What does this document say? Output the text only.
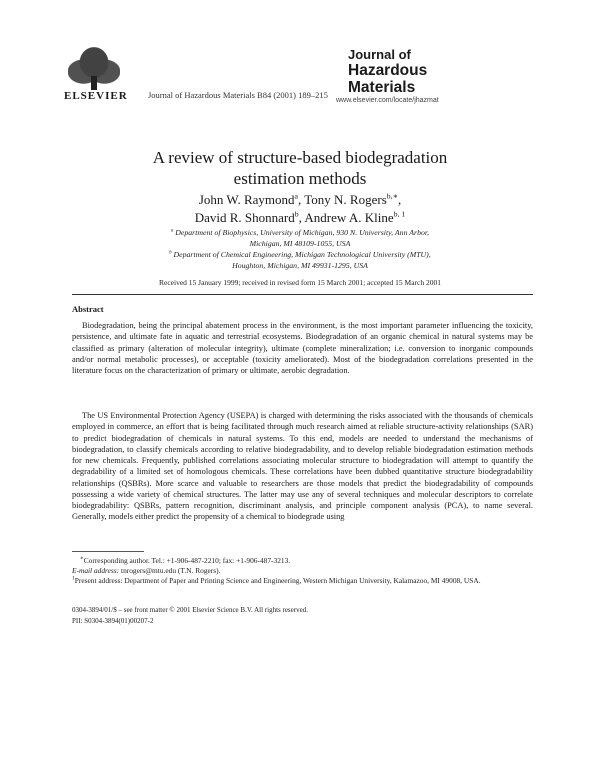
ELSEVIER Journal of Hazardous Materials B84 (2001) 189–215
Journal of
Hazardous
Materials
www.elsevier.com/locate/jhazmat
A review of structure-based biodegradation
estimation methods
John W. Raymond$^a$, Tony N. Rogers$^{b,∗}$,
David R. Shonnard$^b$, Andrew A. Kline$^{b, 1}$
$^a$ Department of Biophysics, University of Michigan, 930 N. University, Ann Arbor,
Michigan, MI 48109-1055, USA
$^b$ Department of Chemical Engineering, Michigan Technological University (MTU),
Houghton, Michigan, MI 49931-1295, USA
Received 15 January 1999; received in revised form 15 March 2001; accepted 15 March 2001
Abstract
Biodegradation, being the principal abatement process in the environment, is the most important parameter influencing the toxicity, persistence, and ultimate fate in aquatic and terrestrial ecosystems. Biodegradation of an organic chemical in natural systems may be classified as primary (alteration of molecular integrity), ultimate (complete mineralization; i.e. conversion to inorganic compounds and/or normal metabolic processes), or acceptable (toxicity ameliorated). Most of the biodegradation correlations presented in the literature focus on the characterization of primary or ultimate, aerobic degradation.
The US Environmental Protection Agency (USEPA) is charged with determining the risks associated with the thousands of chemicals employed in commerce, an effort that is being facilitated through much research aimed at reliable structure-activity relationships (SAR) to predict biodegradation of chemicals in natural systems. To this end, models are needed to understand the mechanisms of biodegradation, to classify chemicals according to relative biodegradability, and to develop reliable biodegradation estimation methods for new chemicals. Frequently, published correlations associating molecular structure to biodegradation will attempt to quantify the degradability of a limited set of homologous chemicals. These correlations have been dubbed quantitative structure biodegradability relationships (QSBRs). More scarce and valuable to researchers are those models that predict the biodegradability of compounds possessing a wide variety of chemical structures. The latter may use any of several techniques and molecular descriptors to correlate biodegradability: QSBRs, pattern recognition, discriminant analysis, and principle component analysis (PCA), to name several. Generally, models either predict the propensity of a chemical to biodegrade using
∗Corresponding author. Tel.: +1-906-487-2210; fax: +1-906-487-3213.
E-mail address: tnrogers@mtu.edu (T.N. Rogers).
$^1$Present address: Department of Paper and Printing Science and Engineering, Western Michigan University, Kalamazoo, MI 49008, USA.
0304-3894/01/$ – see front matter © 2001 Elsevier Science B.V. All rights reserved.
PII: S0304-3894(01)00207-2
